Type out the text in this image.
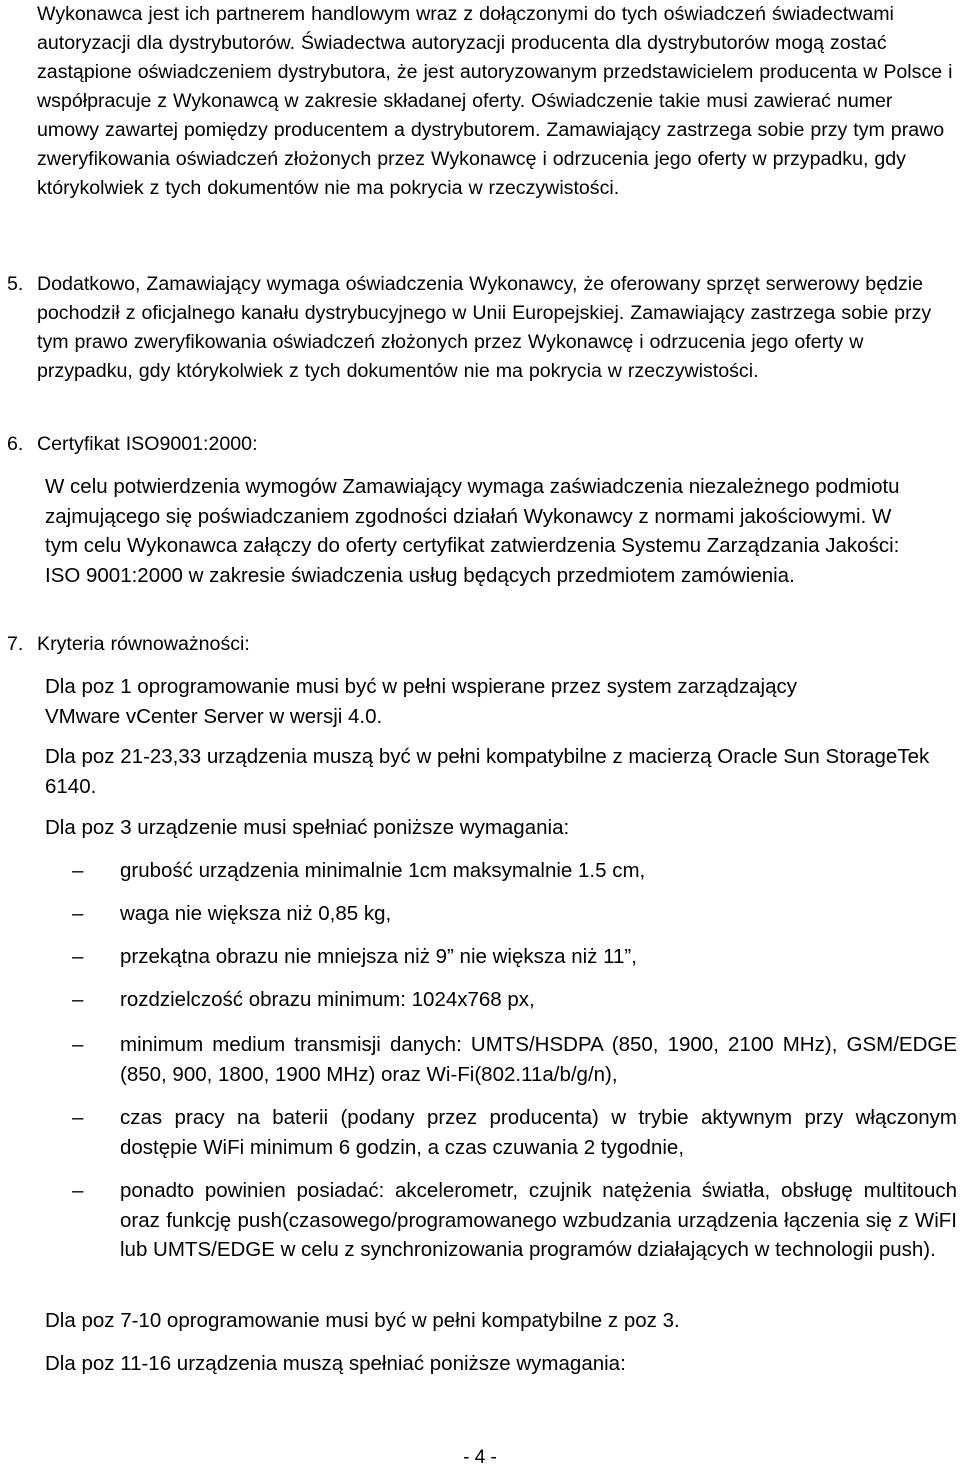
Wykonawca jest ich partnerem handlowym wraz z dołączonymi do tych oświadczeń świadectwami autoryzacji dla dystrybutorów. Świadectwa autoryzacji producenta dla dystrybutorów mogą zostać zastąpione oświadczeniem dystrybutora, że jest autoryzowanym przedstawicielem producenta w Polsce i współpracuje z Wykonawcą w zakresie składanej oferty. Oświadczenie takie musi zawierać numer umowy zawartej pomiędzy producentem a dystrybutorem. Zamawiający zastrzega sobie przy tym prawo zweryfikowania oświadczeń złożonych przez Wykonawcę i odrzucenia jego oferty w przypadku, gdy którykolwiek z tych dokumentów nie ma pokrycia w rzeczywistości.

5. Dodatkowo, Zamawiający wymaga oświadczenia Wykonawcy, że oferowany sprzęt serwerowy będzie pochodził z oficjalnego kanału dystrybucyjnego w Unii Europejskiej. Zamawiający zastrzega sobie przy tym prawo zweryfikowania oświadczeń złożonych przez Wykonawcę i odrzucenia jego oferty w przypadku, gdy którykolwiek z tych dokumentów nie ma pokrycia w rzeczywistości.
6. Certyfikat ISO9001:2000:

W celu potwierdzenia wymogów Zamawiający wymaga zaświadczenia niezależnego podmiotu zajmującego się poświadczaniem zgodności działań Wykonawcy z normami jakościowymi. W tym celu Wykonawca załączy do oferty certyfikat zatwierdzenia Systemu Zarządzania Jakości: ISO 9001:2000 w zakresie świadczenia usług będących przedmiotem zamówienia.

7. Kryteria równoważności:

Dla poz 1 oprogramowanie musi być w pełni wspierane przez system zarządzający VMware vCenter Server w wersji 4.0.

Dla poz 21-23,33 urządzenia muszą być w pełni kompatybilne z macierzą Oracle Sun StorageTek 6140.

Dla poz 3 urządzenie musi spełniać poniższe wymagania:

– grubość urządzenia minimalnie 1cm maksymalnie 1.5 cm,
– waga nie większa niż 0,85 kg,
– przekątna obrazu nie mniejsza niż 9” nie większa niż 11”,
– rozdzielczość obrazu minimum: 1024x768 px,
– minimum medium transmisji danych: UMTS/HSDPA (850, 1900, 2100 MHz), GSM/EDGE (850, 900, 1800, 1900 MHz) oraz Wi-Fi(802.11a/b/g/n),
– czas pracy na baterii (podany przez producenta) w trybie aktywnym przy włączonym dostępie WiFi minimum 6 godzin, a czas czuwania 2 tygodnie,
– ponadto powinien posiadać: akcelerometr, czujnik natężenia światła, obsługę multitouch oraz funkcję push(czasowego/programowanego wzbudzania urządzenia łączenia się z WiFI lub UMTS/EDGE w celu z synchronizowania programów działających w technologii push).

Dla poz 7-10 oprogramowanie musi być w pełni kompatybilne z poz 3.

Dla poz 11-16 urządzenia muszą spełniać poniższe wymagania:

- 4 -
